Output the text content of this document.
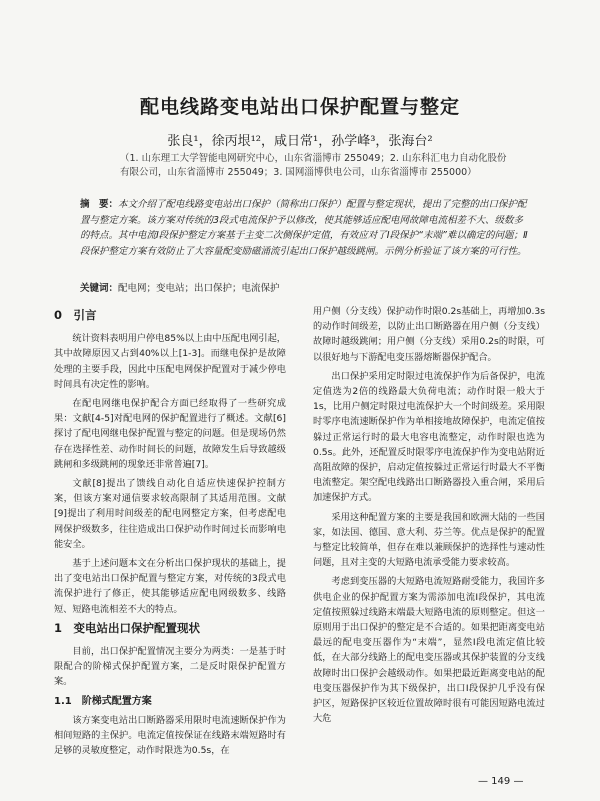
配电线路变电站出口保护配置与整定
张良¹，徐丙垠¹²，咸日常¹，孙学峰³，张海台²
（1. 山东理工大学智能电网研究中心，山东省淄博市 255049；2. 山东科汇电力自动化股份
有限公司，山东省淄博市 255049；3. 国网淄博供电公司，山东省淄博市 255000）
摘　要：本文介绍了配电线路变电站出口保护（简称出口保护）配置与整定现状，提出了完整的出口保护配置与整定方案。该方案对传统的3段式电流保护予以修改，使其能够适应配电网故障电流相差不大、级数多的特点。其中电流Ⅰ段保护整定方案基于主变二次侧保护定值，有效应对了Ⅰ段保护“末端”难以确定的问题；Ⅱ段保护整定方案有效防止了大容量配变励磁涌流引起出口保护越级跳闸。示例分析验证了该方案的可行性。
关键词：配电网；变电站；出口保护；电流保护
0　引言

统计资料表明用户停电85%以上由中压配电网引起，其中故障原因又占到40%以上[1-3]。而继电保护是故障处理的主要手段，因此中压配电网保护配置对于减少停电时间具有决定性的影响。

在配电网继电保护配合方面已经取得了一些研究成果：文献[4-5]对配电网的保护配置进行了概述。文献[6]探讨了配电网继电保护配置与整定的问题。但是现场仍然存在选择性差、动作时间长的问题，故障发生后导致越级跳闸和多级跳闸的现象还非常普遍[7]。

文献[8]提出了馈线自动化自适应快速保护控制方案，但该方案对通信要求较高限制了其适用范围。文献[9]提出了利用时间级差的配电网整定方案，但考虑配电网保护级数多，往往造成出口保护动作时间过长而影响电能安全。

基于上述问题本文在分析出口保护现状的基础上，提出了变电站出口保护配置与整定方案，对传统的3段式电流保护进行了修正，使其能够适应配电网级数多、线路短、短路电流相差不大的特点。

1　变电站出口保护配置现状

目前，出口保护配置情况主要分为两类：一是基于时限配合的阶梯式保护配置方案，二是反时限保护配置方案。

1.1　阶梯式配置方案

该方案变电站出口断路器采用限时电流速断保护作为相间短路的主保护。电流定值按保证在线路末端短路时有足够的灵敏度整定，动作时限选为0.5s，在

用户侧（分支线）保护动作时限0.2s基础上，再增加0.3s的动作时间级差，以防止出口断路器在用户侧（分支线）故障时越级跳闸；用户侧（分支线）采用0.2s的时限，可以很好地与下游配电变压器熔断器保护配合。

出口保护采用定时限过电流保护作为后备保护，电流定值选为2倍的线路最大负荷电流；动作时限一般大于1s，比用户侧定时限过电流保护大一个时间级差。采用限时零序电流速断保护作为单相接地故障保护，电流定值按躲过正常运行时的最大电容电流整定，动作时限也选为0.5s。此外，还配置反时限零序电流保护作为变电站附近高阻故障的保护，启动定值按躲过正常运行时最大不平衡电流整定。架空配电线路出口断路器投入重合闸，采用后加速保护方式。

采用这种配置方案的主要是我国和欧洲大陆的一些国家，如法国、德国、意大利、芬兰等。优点是保护的配置与整定比较简单，但存在难以兼顾保护的选择性与速动性问题，且对主变的大短路电流承受能力要求较高。

考虑到变压器的大短路电流短路耐受能力，我国许多供电企业的保护配置方案为需添加电流Ⅰ段保护，其电流定值按照躲过线路末端最大短路电流的原则整定。但这一原则用于出口保护的整定是不合适的。如果把距离变电站最远的配电变压器作为“末端”，显然Ⅰ段电流定值比较低，在大部分线路上的配电变压器或其保护装置的分支线故障时出口保护会越级动作。如果把最近距离变电站的配电变压器保护作为其下级保护，出口Ⅰ段保护几乎没有保护区，短路保护区较近位置故障时很有可能因短路电流过大危

— 149 —
